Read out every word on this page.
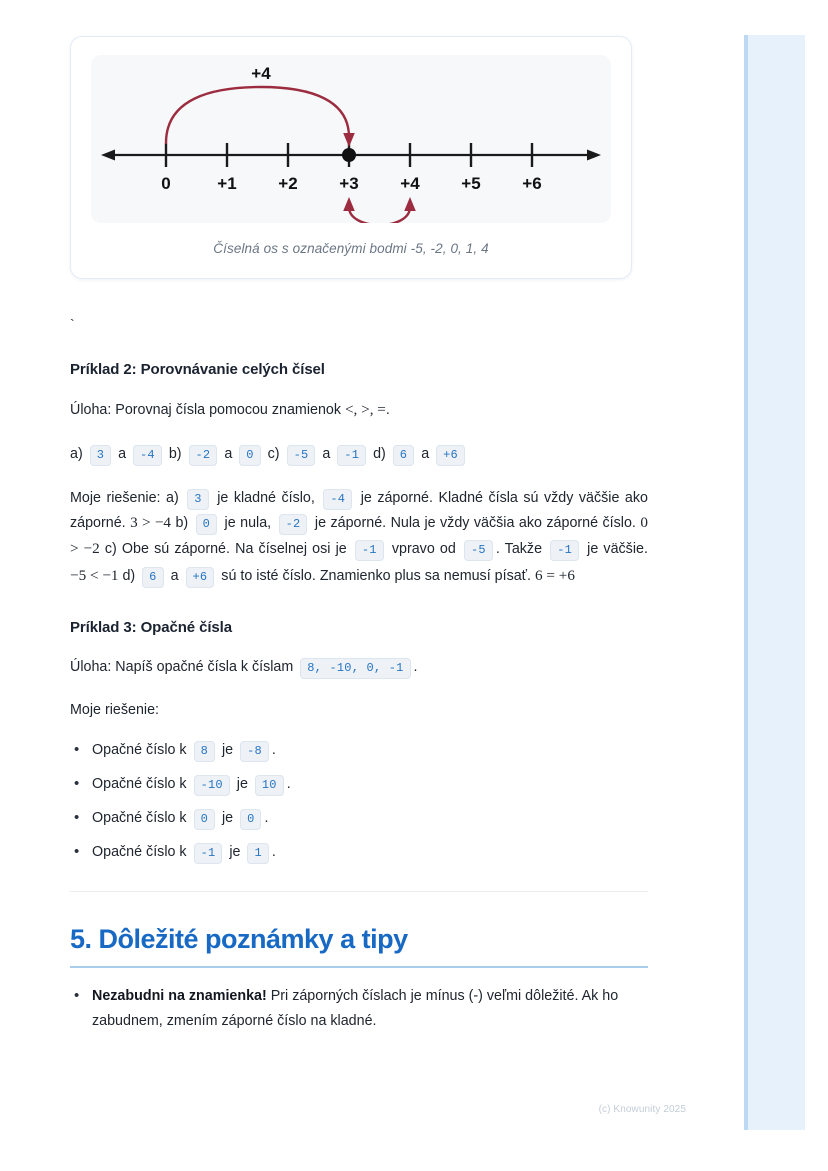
0	+1 +2 +3 +4 +5 +6
+4
Číselná os s označenými bodmi -5, -2, 0, 1, 4
`
Príklad 2: Porovnávanie celých čísel

Úloha: Porovnaj čísla pomocou znamienok <, >, =.

a) 3 a -4 b) -2 a 0 c) -5 a -1 d) 6 a +6

Moje riešenie: a) 3 je kladné číslo, -4 je záporné. Kladné čísla sú vždy väčšie ako záporné. 3 > −4 b) 0 je nula, -2 je záporné. Nula je vždy väčšia ako záporné číslo. 0 > −2 c) Obe sú záporné. Na číselnej osi je -1 vpravo od -5 . Takže -1 je väčšie. −5 < −1 d) 6 a +6 sú to isté číslo. Znamienko plus sa nemusí písať. 6 = +6

Príklad 3: Opačné čísla

Úloha: Napíš opačné čísla k číslam 8, -10, 0, -1 .

Moje riešenie:

• Opačné číslo k 8 je -8 .
• Opačné číslo k -10 je 10 .
• Opačné číslo k 0 je 0 .
• Opačné číslo k -1 je 1 .
5. Dôležité poznámky a tipy
• Nezabudni na znamienka! Pri záporných číslach je mínus (-) veľmi dôležité. Ak ho zabudnem, zmením záporné číslo na kladné.
(c) Knowunity 2025
